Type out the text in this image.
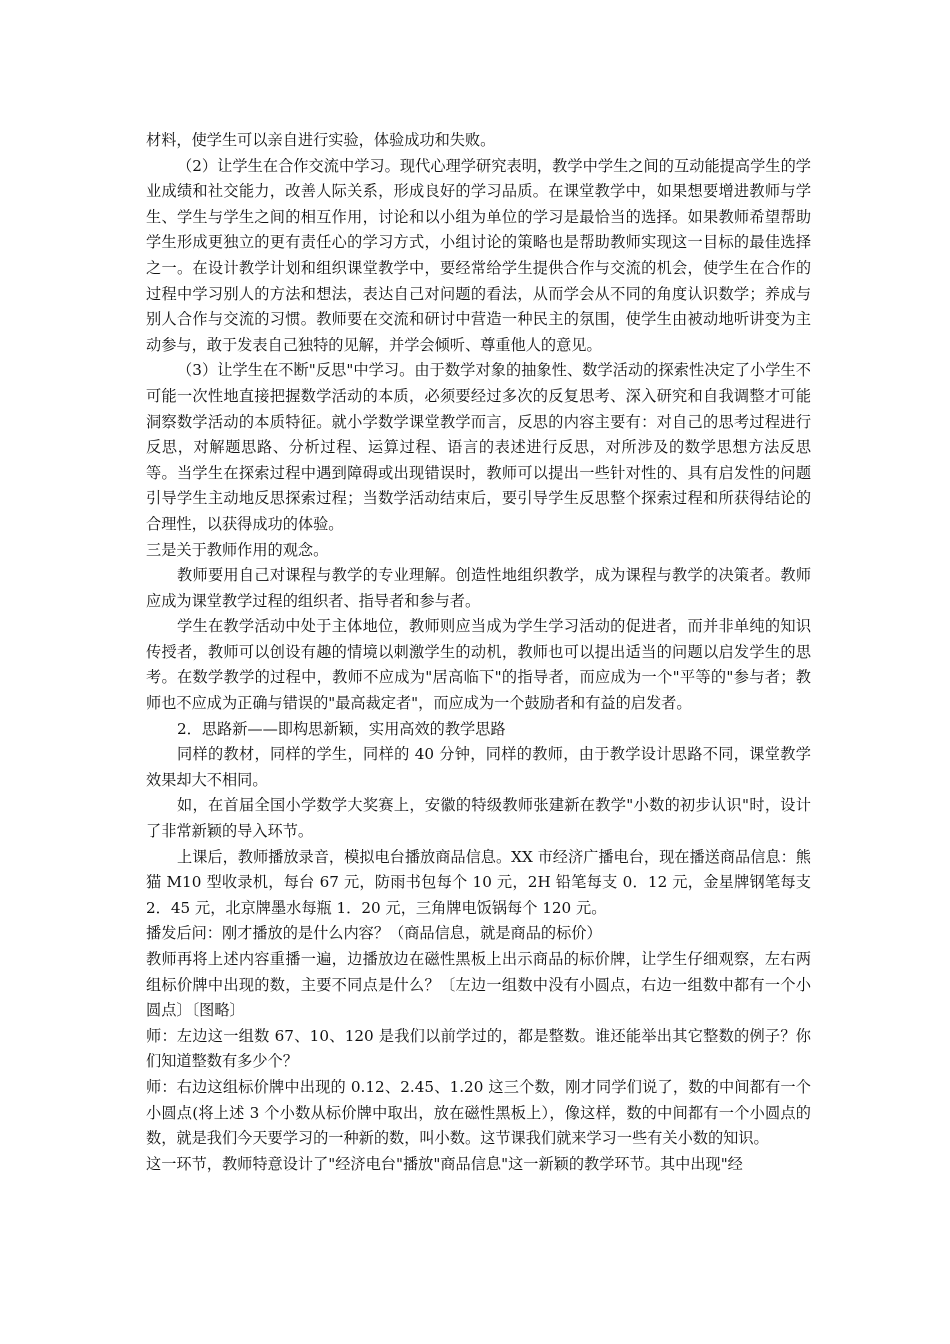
材料，使学生可以亲自进行实验，体验成功和失败。

（2）让学生在合作交流中学习。现代心理学研究表明，教学中学生之间的互动能提高学生的学业成绩和社交能力，改善人际关系，形成良好的学习品质。在课堂教学中，如果想要增进教师与学生、学生与学生之间的相互作用，讨论和以小组为单位的学习是最恰当的选择。如果教师希望帮助学生形成更独立的更有责任心的学习方式，小组讨论的策略也是帮助教师实现这一目标的最佳选择之一。在设计教学计划和组织课堂教学中，要经常给学生提供合作与交流的机会，使学生在合作的过程中学习别人的方法和想法，表达自己对问题的看法，从而学会从不同的角度认识数学；养成与别人合作与交流的习惯。教师要在交流和研讨中营造一种民主的氛围，使学生由被动地听讲变为主动参与，敢于发表自己独特的见解，并学会倾听、尊重他人的意见。

（3）让学生在不断"反思"中学习。由于数学对象的抽象性、数学活动的探索性决定了小学生不可能一次性地直接把握数学活动的本质，必须要经过多次的反复思考、深入研究和自我调整才可能洞察数学活动的本质特征。就小学数学课堂教学而言，反思的内容主要有：对自己的思考过程进行反思，对解题思路、分析过程、运算过程、语言的表述进行反思，对所涉及的数学思想方法反思等。当学生在探索过程中遇到障碍或出现错误时，教师可以提出一些针对性的、具有启发性的问题引导学生主动地反思探索过程；当数学活动结束后，要引导学生反思整个探索过程和所获得结论的合理性，以获得成功的体验。

三是关于教师作用的观念。

教师要用自己对课程与教学的专业理解。创造性地组织教学，成为课程与教学的决策者。教师应成为课堂教学过程的组织者、指导者和参与者。

学生在教学活动中处于主体地位，教师则应当成为学生学习活动的促进者，而并非单纯的知识传授者，教师可以创设有趣的情境以刺激学生的动机，教师也可以提出适当的问题以启发学生的思考。在数学教学的过程中，教师不应成为"居高临下"的指导者，而应成为一个"平等的"参与者；教师也不应成为正确与错误的"最高裁定者"，而应成为一个鼓励者和有益的启发者。

2．思路新——即构思新颖，实用高效的教学思路

同样的教材，同样的学生，同样的 40 分钟，同样的教师，由于教学设计思路不同，课堂教学效果却大不相同。

如，在首届全国小学数学大奖赛上，安徽的特级教师张建新在教学"小数的初步认识"时，设计了非常新颖的导入环节。

上课后，教师播放录音，模拟电台播放商品信息。XX 市经济广播电台，现在播送商品信息：熊猫 M10 型收录机，每台 67 元，防雨书包每个 10 元，2H 铅笔每支 0．12 元，金星牌钢笔每支 2．45 元，北京牌墨水每瓶 1．20 元，三角牌电饭锅每个 120 元。

播发后问：刚才播放的是什么内容？（商品信息，就是商品的标价）

教师再将上述内容重播一遍，边播放边在磁性黑板上出示商品的标价牌，让学生仔细观察，左右两组标价牌中出现的数，主要不同点是什么？〔左边一组数中没有小圆点，右边一组数中都有一个小圆点〕〔图略〕

师：左边这一组数 67、10、120 是我们以前学过的，都是整数。谁还能举出其它整数的例子？你们知道整数有多少个？

师：右边这组标价牌中出现的 0.12、2.45、1.20 这三个数，刚才同学们说了，数的中间都有一个小圆点(将上述 3 个小数从标价牌中取出，放在磁性黑板上），像这样，数的中间都有一个小圆点的数，就是我们今天要学习的一种新的数，叫小数。这节课我们就来学习一些有关小数的知识。

这一环节，教师特意设计了"经济电台"播放"商品信息"这一新颖的教学环节。其中出现"经
